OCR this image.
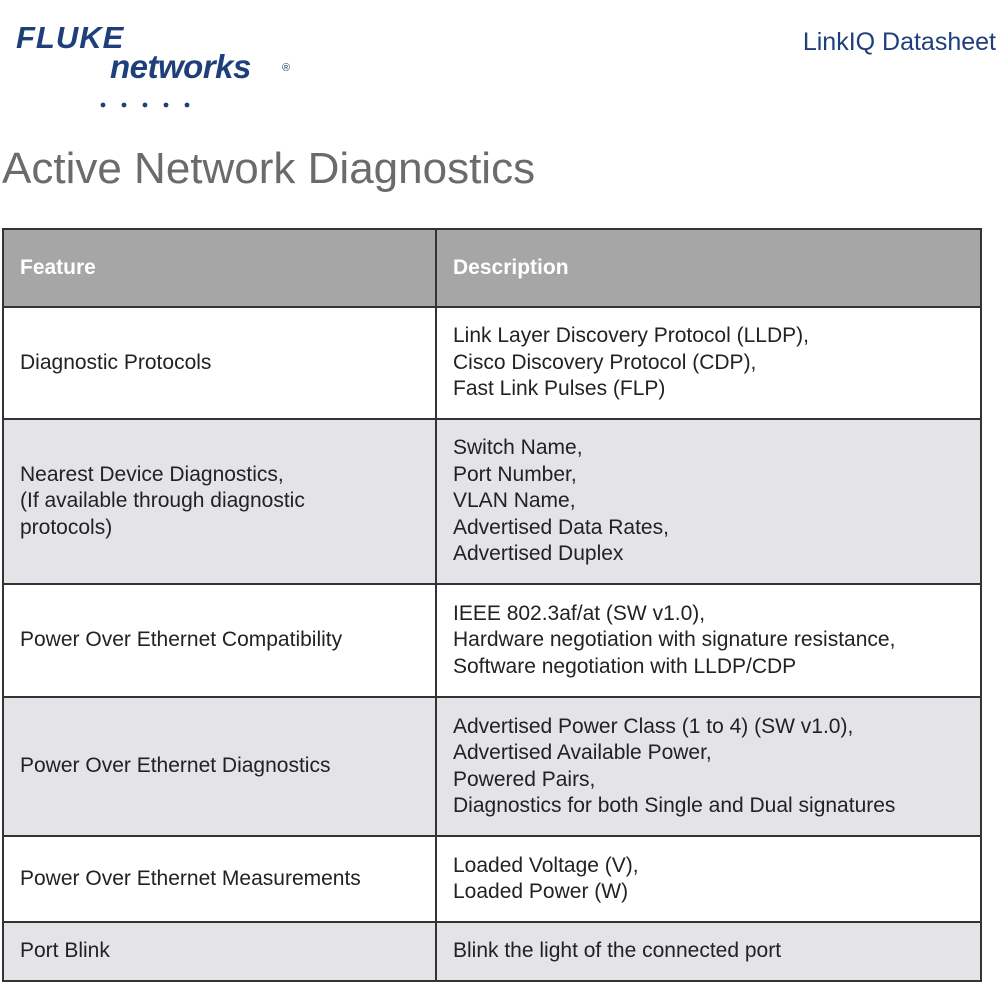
FLUKE
networks	®
LinkIQ Datasheet
Active Network Diagnostics
Feature	Description

Diagnostic Protocols	Link Layer Discovery Protocol (LLDP),
Cisco Discovery Protocol (CDP),
Fast Link Pulses (FLP)

Nearest Device Diagnostics,
(If available through diagnostic
protocols)	Switch Name,
Port Number,
VLAN Name,
Advertised Data Rates,
Advertised Duplex

Power Over Ethernet Compatibility	IEEE 802.3af/at (SW v1.0),
Hardware negotiation with signature resistance,
Software negotiation with LLDP/CDP

Power Over Ethernet Diagnostics	Advertised Power Class (1 to 4) (SW v1.0),
Advertised Available Power,
Powered Pairs,
Diagnostics for both Single and Dual signatures

Power Over Ethernet Measurements	Loaded Voltage (V),
Loaded Power (W)

Port Blink	Blink the light of the connected port
